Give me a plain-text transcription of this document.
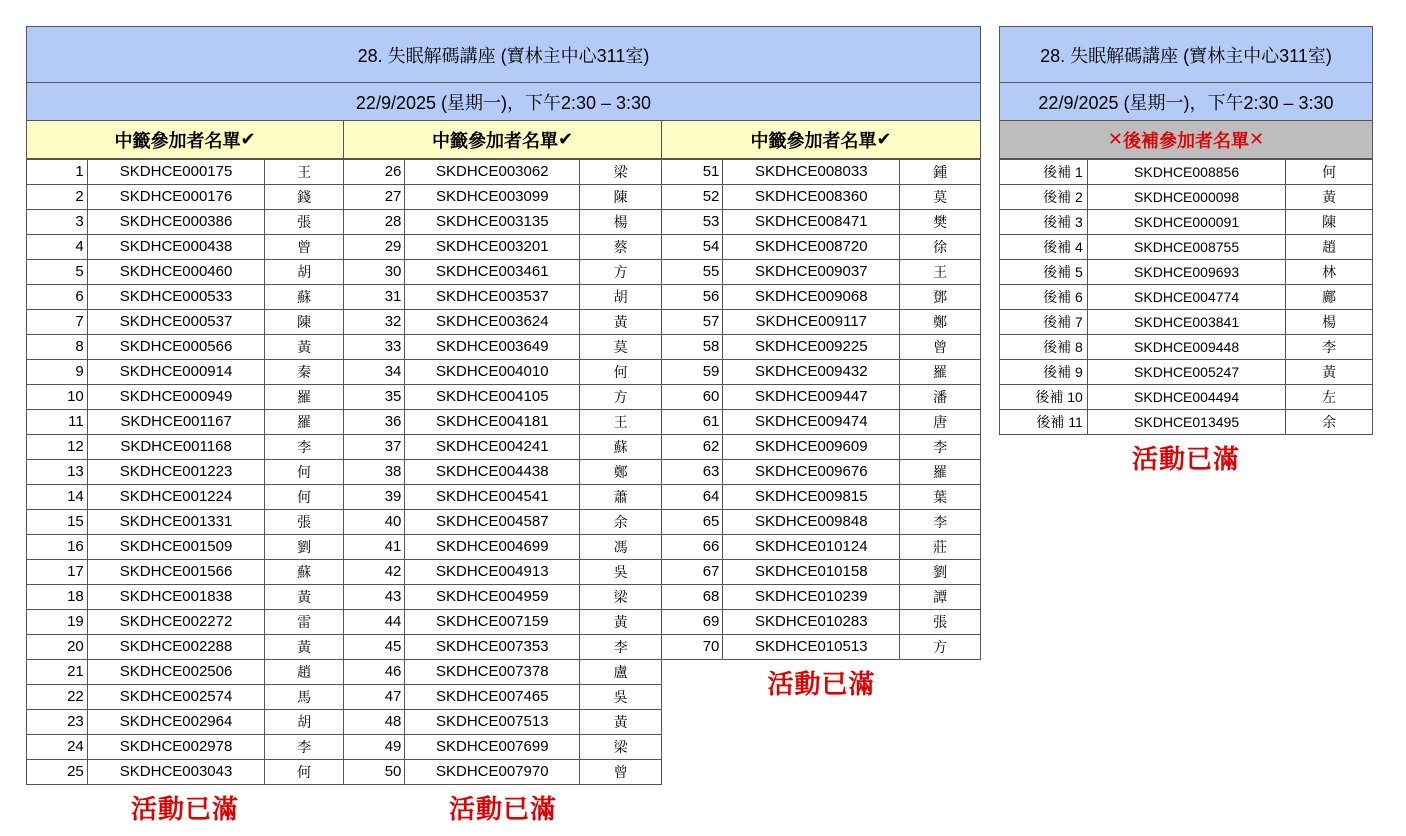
28. 失眠解碼講座 (寶林主中心311室)
22/9/2025 (星期一)，下午2:30 – 3:30
中籤參加者名單 ✔
1	SKDHCE000175	王
2	SKDHCE000176	錢
3	SKDHCE000386	張
4	SKDHCE000438	曾
5	SKDHCE000460	胡
6	SKDHCE000533	蘇
7	SKDHCE000537	陳
8	SKDHCE000566	黃
9	SKDHCE000914	秦
10	SKDHCE000949	羅
11	SKDHCE001167	羅
12	SKDHCE001168	李
13	SKDHCE001223	何
14	SKDHCE001224	何
15	SKDHCE001331	張
16	SKDHCE001509	劉
17	SKDHCE001566	蘇
18	SKDHCE001838	黃
19	SKDHCE002272	雷
20	SKDHCE002288	黃
21	SKDHCE002506	趙
22	SKDHCE002574	馬
23	SKDHCE002964	胡
24	SKDHCE002978	李
25	SKDHCE003043	何
活動已滿
中籤參加者名單 ✔
26	SKDHCE003062	梁
27	SKDHCE003099	陳
28	SKDHCE003135	楊
29	SKDHCE003201	蔡
30	SKDHCE003461	方
31	SKDHCE003537	胡
32	SKDHCE003624	黃
33	SKDHCE003649	莫
34	SKDHCE004010	何
35	SKDHCE004105	方
36	SKDHCE004181	王
37	SKDHCE004241	蘇
38	SKDHCE004438	鄭
39	SKDHCE004541	蕭
40	SKDHCE004587	余
41	SKDHCE004699	馮
42	SKDHCE004913	吳
43	SKDHCE004959	梁
44	SKDHCE007159	黃
45	SKDHCE007353	李
46	SKDHCE007378	盧
47	SKDHCE007465	吳
48	SKDHCE007513	黃
49	SKDHCE007699	梁
50	SKDHCE007970	曾
活動已滿
中籤參加者名單 ✔
51	SKDHCE008033	鍾
52	SKDHCE008360	莫
53	SKDHCE008471	樊
54	SKDHCE008720	徐
55	SKDHCE009037	王
56	SKDHCE009068	鄧
57	SKDHCE009117	鄭
58	SKDHCE009225	曾
59	SKDHCE009432	羅
60	SKDHCE009447	潘
61	SKDHCE009474	唐
62	SKDHCE009609	李
63	SKDHCE009676	羅
64	SKDHCE009815	葉
65	SKDHCE009848	李
66	SKDHCE010124	莊
67	SKDHCE010158	劉
68	SKDHCE010239	譚
69	SKDHCE010283	張
70	SKDHCE010513	方
活動已滿
28. 失眠解碼講座 (寶林主中心311室)
22/9/2025 (星期一)，下午2:30 – 3:30
✕ 後補參加者名單 ✕
後補 1	SKDHCE008856	何
後補 2	SKDHCE000098	黃
後補 3	SKDHCE000091	陳
後補 4	SKDHCE008755	趙
後補 5	SKDHCE009693	林
後補 6	SKDHCE004774	鄺
後補 7	SKDHCE003841	楊
後補 8	SKDHCE009448	李
後補 9	SKDHCE005247	黃
後補 10	SKDHCE004494	左
後補 11	SKDHCE013495	余
活動已滿
